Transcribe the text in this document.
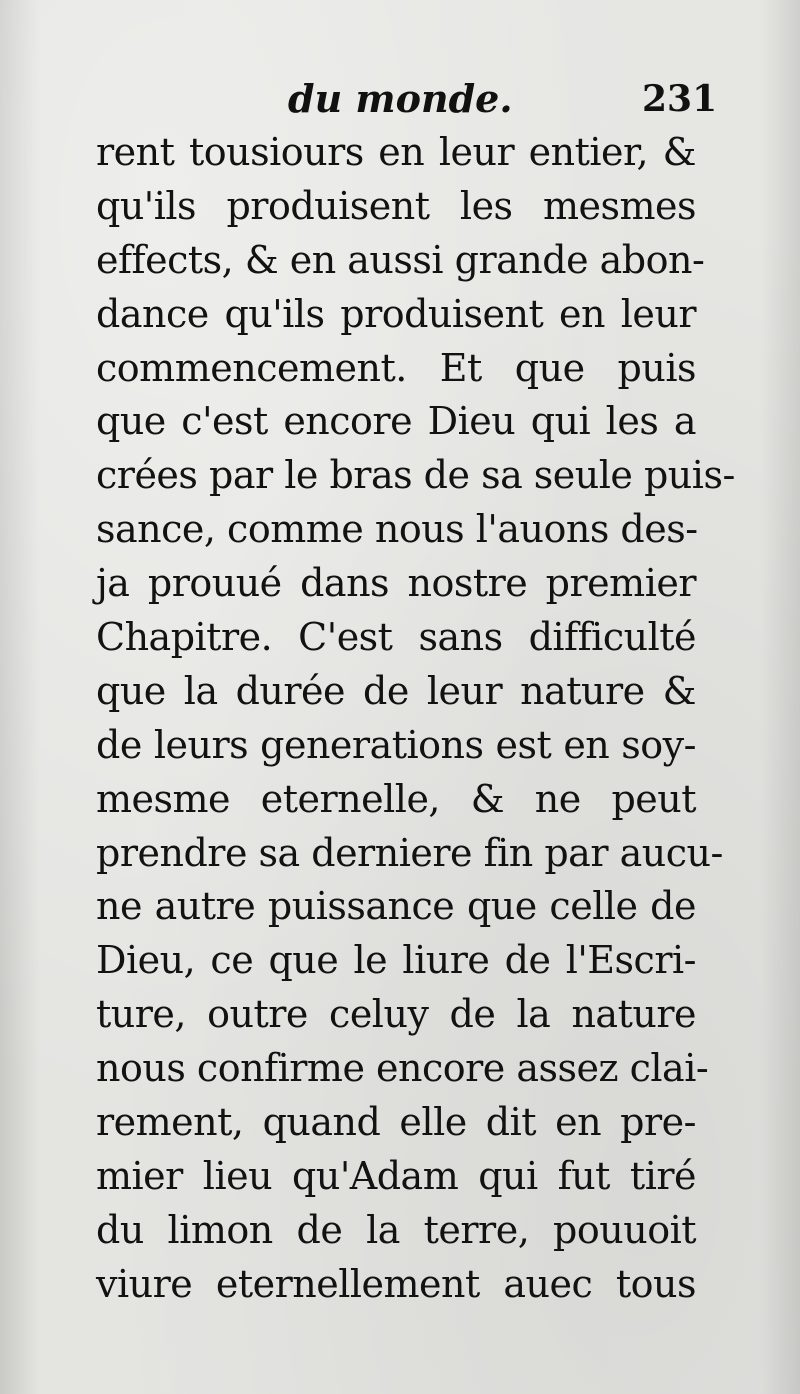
du monde.	231
rent tousiours en leur entier, &
qu'ils produisent les mesmes
effects, & en aussi grande abon-
dance qu'ils produisent en leur
commencement. Et que puis
que c'est encore Dieu qui les a
crées par le bras de sa seule puis-
sance, comme nous l'auons des-
ja prouué dans nostre premier
Chapitre. C'est sans difficulté
que la durée de leur nature &
de leurs generations est en soy-
mesme eternelle, & ne peut
prendre sa derniere fin par aucu-
ne autre puissance que celle de
Dieu, ce que le liure de l'Escri-
ture, outre celuy de la nature
nous confirme encore assez clai-
rement, quand elle dit en pre-
mier lieu qu'Adam qui fut tiré
du limon de la terre, pouuoit
viure eternellement auec tous
